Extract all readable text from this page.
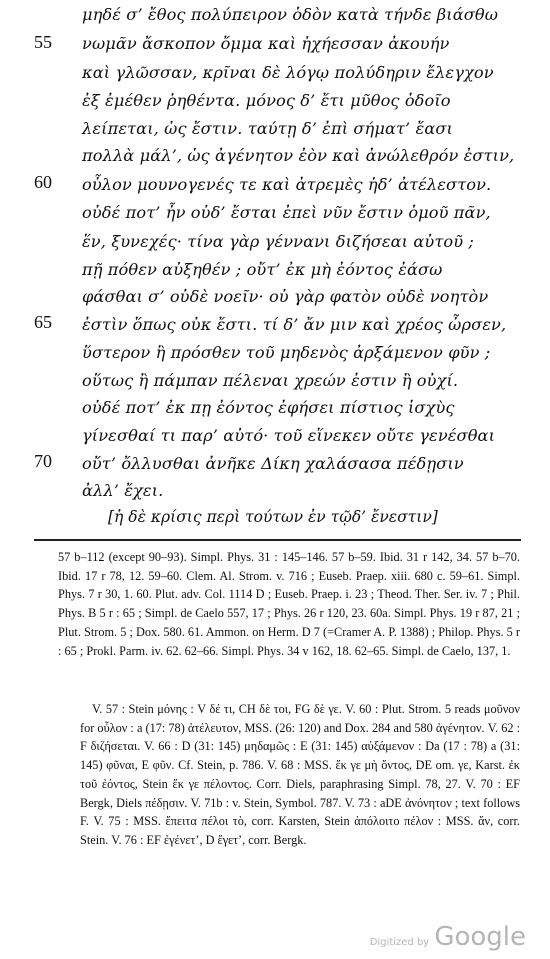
μηδέ σ’ ἔθος πολύπειρον ὁδὸν κατὰ τήνδε βιάσθω
νωμᾶν ἄσκοπον ὄμμα καὶ ἠχήεσσαν ἀκουήν
καὶ γλῶσσαν, κρῖναι δὲ λόγῳ πολύδηριν ἔλεγχον
ἐξ ἐμέθεν ῥηθέντα. μόνος δ’ ἔτι μῦθος ὁδοῖο
λείπεται, ὡς ἔστιν. ταύτῃ δ’ ἐπὶ σήματ’ ἔασι
πολλὰ μάλ’, ὡς ἀγένητον ἐὸν καὶ ἀνώλεθρόν ἐστιν,
οὖλον μουνογενές τε καὶ ἀτρεμὲς ἠδ’ ἀτέλεστον.
οὐδέ ποτ’ ἦν οὐδ’ ἔσται ἐπεὶ νῦν ἔστιν ὁμοῦ πᾶν,
ἕν, ξυνεχές· τίνα γὰρ γέννανι διζήσεαι αὐτοῦ ;
πῇ πόθεν αὐξηθέν ; οὔτ’ ἐκ μὴ ἐόντος ἐάσω
φάσθαι σ’ οὐδὲ νοεῖν· οὐ γὰρ φατὸν οὐδὲ νοητὸν
ἐστὶν ὅπως οὐκ ἔστι. τί δ’ ἄν μιν καὶ χρέος ὦρσεν,
ὕστερον ἢ πρόσθεν τοῦ μηδενὸς ἀρξάμενον φῦν ;
οὕτως ἢ πάμπαν πέλεναι χρεών ἐστιν ἢ οὐχί.
οὐδέ ποτ’ ἐκ πῃ ἐόντος ἐφήσει πίστιος ἰσχὺς
γίνεσθαί τι παρ’ αὐτό· τοῦ εἵνεκεν οὔτε γενέσθαι
οὔτ’ ὄλλυσθαι ἀνῆκε Δίκη χαλάσασα πέδῃσιν
ἀλλ’ ἔχει.
55
60
65
70
[ἡ δὲ κρίσις περὶ τούτων ἐν τῷδ’ ἔνεστιν]
57 b–112 (except 90–93). Simpl. Phys. 31 : 145–146. 57 b–59. Ibid. 31 r 142, 34. 57 b–70. Ibid. 17 r 78, 12. 59–60. Clem. Al. Strom. v. 716 ; Euseb. Praep. xiii. 680 c. 59–61. Simpl. Phys. 7 r 30, 1. 60. Plut. adv. Col. 1114 D ; Euseb. Praep. i. 23 ; Theod. Ther. Ser. iv. 7 ; Phil. Phys. B 5 r : 65 ; Simpl. de Caelo 557, 17 ; Phys. 26 r 120, 23. 60a. Simpl. Phys. 19 r 87, 21 ; Plut. Strom. 5 ; Dox. 580. 61. Ammon. on Herm. D 7 (=Cramer A. P. 1388) ; Philop. Phys. 5 r : 65 ; Prokl. Parm. iv. 62. 62–66. Simpl. Phys. 34 v 162, 18. 62–65. Simpl. de Caelo, 137, 1.
V. 57 : Stein μόνης : V δέ τι, CH δὲ τοι, FG δὲ γε. V. 60 : Plut. Strom. 5 reads μοῦνον for οὖλον : a (17: 78) ἀτέλευτον, MSS. (26: 120) and Dox. 284 and 580 ἀγένητον. V. 62 : F διζήσεται. V. 66 : D (31: 145) μηδαμῶς : E (31: 145) αὐξάμενον : Da (17 : 78) a (31: 145) φῦναι, E φῦν. Cf. Stein, p. 786. V. 68 : MSS. ἔκ γε μὴ ὄντος, DE om. γε, Karst. ἐκ τοῦ ἐόντος, Stein ἔκ γε πέλοντος. Corr. Diels, paraphrasing Simpl. 78, 27. V. 70 : EF Bergk, Diels πέδῃσιν. V. 71b : v. Stein, Symbol. 787. V. 73 : aDE ἀνόνητον ; text follows F. V. 75 : MSS. ἔπειτα πέλοι τὸ, corr. Karsten, Stein ἀπόλοιτο πέλον : MSS. ἄν, corr. Stein. V. 76 : EF ἐγένετ’, D ἔγετ’, corr. Bergk.
Digitized by Google
